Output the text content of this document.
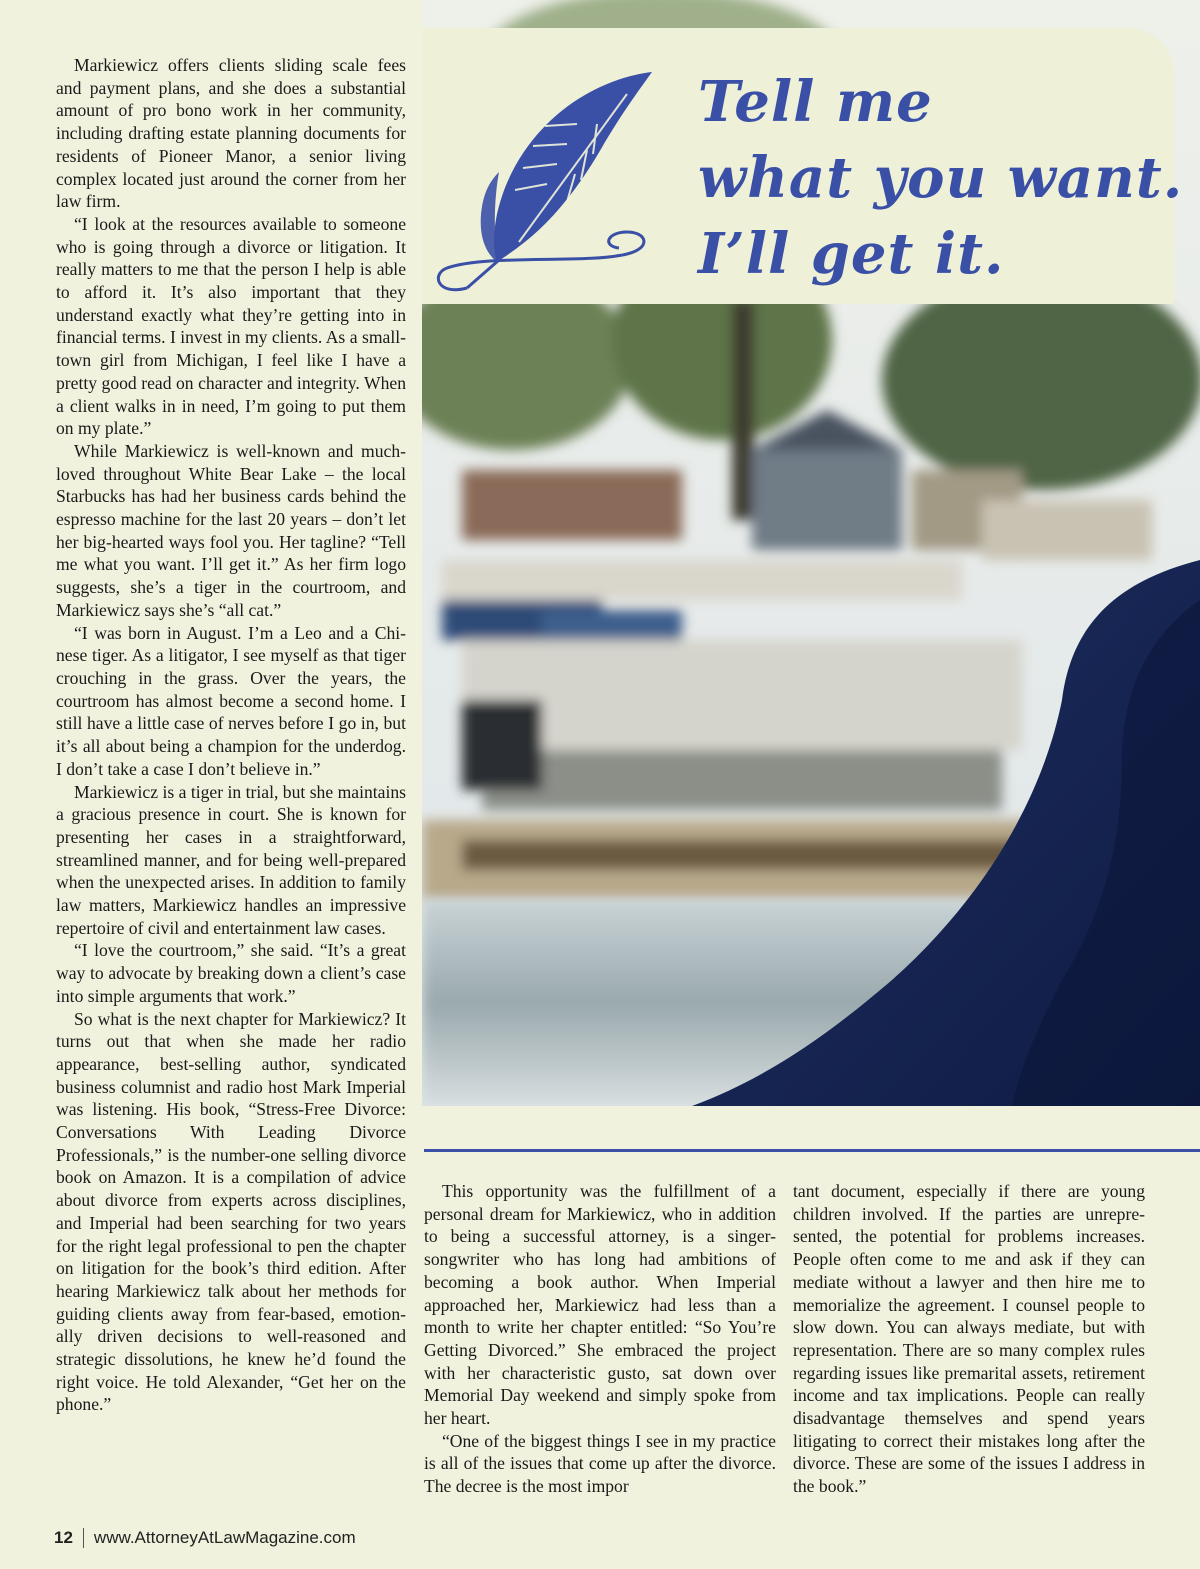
Tell me
what you want.
I’ll get it.

Markiewicz offers clients sliding scale fees and payment plans, and she does a substantial amount of pro bono work in her community, including drafting estate planning documents for residents of Pioneer Manor, a senior living complex located just around the corner from her law firm.

“I look at the resources available to someone who is going through a divorce or litigation. It really matters to me that the person I help is able to afford it. It’s also important that they understand exactly what they’re getting into in financial terms. I invest in my clients. As a small-town girl from Michigan, I feel like I have a pretty good read on character and integrity. When a client walks in in need, I’m going to put them on my plate.”

While Markiewicz is well-known and much-loved throughout White Bear Lake – the local Starbucks has had her business cards behind the espresso machine for the last 20 years – don’t let her big-hearted ways fool you. Her tagline? “Tell me what you want. I’ll get it.” As her firm logo suggests, she’s a tiger in the courtroom, and Markiewicz says she’s “all cat.”

“I was born in August. I’m a Leo and a Chinese tiger. As a litigator, I see myself as that tiger crouching in the grass. Over the years, the courtroom has almost become a second home. I still have a little case of nerves before I go in, but it’s all about being a champion for the underdog. I don’t take a case I don’t believe in.”

Markiewicz is a tiger in trial, but she maintains a gracious presence in court. She is known for presenting her cases in a straightforward, streamlined manner, and for being well-prepared when the unexpected arises. In addition to family law matters, Markiewicz handles an impressive repertoire of civil and entertainment law cases.

“I love the courtroom,” she said. “It’s a great way to advocate by breaking down a client’s case into simple arguments that work.”

So what is the next chapter for Markiewicz? It turns out that when she made her radio appearance, best-selling author, syndicated business columnist and radio host Mark Imperial was listening. His book, “Stress-Free Divorce: Conversations With Leading Divorce Professionals,” is the number-one selling divorce book on Amazon. It is a compilation of advice about divorce from experts across disciplines, and Imperial had been searching for two years for the right legal professional to pen the chapter on litigation for the book’s third edition. After hearing Markiewicz talk about her methods for guiding clients away from fear-based, emotionally driven decisions to well-reasoned and strategic dissolutions, he knew he’d found the right voice. He told Alexander, “Get her on the phone.”

This opportunity was the fulfillment of a personal dream for Markiewicz, who in addition to being a successful attorney, is a singer-songwriter who has long had ambitions of becoming a book author. When Imperial approached her, Markiewicz had less than a month to write her chapter entitled: “So You’re Getting Divorced.” She embraced the project with her characteristic gusto, sat down over Memorial Day weekend and simply spoke from her heart.

“One of the biggest things I see in my practice is all of the issues that come up after the divorce. The decree is the most impor

tant document, especially if there are young children involved. If the parties are unrepresented, the potential for problems increases. People often come to me and ask if they can mediate without a lawyer and then hire me to memorialize the agreement. I counsel people to slow down. You can always mediate, but with representation. There are so many complex rules regarding issues like premarital assets, retirement income and tax implications. People can really disadvantage themselves and spend years litigating to correct their mistakes long after the divorce. These are some of the issues I address in the book.”

12 www.AttorneyAtLawMagazine.com
